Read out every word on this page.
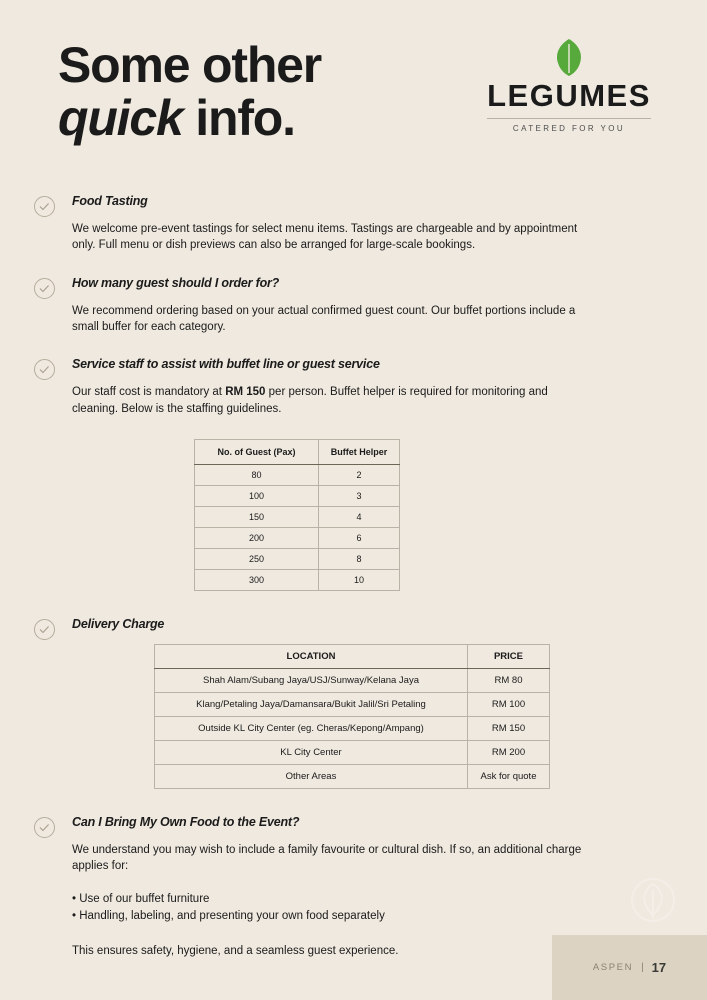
Some other
quick info.	LEGUMES
CATERED FOR YOU

Food Tasting

We welcome pre-event tastings for select menu items. Tastings are chargeable and by appointment only. Full menu or dish previews can also be arranged for large-scale bookings.

How many guest should I order for?

We recommend ordering based on your actual confirmed guest count. Our buffet portions include a small buffer for each category.

Service staff to assist with buffet line or guest service

Our staff cost is mandatory at RM 150 per person. Buffet helper is required for monitoring and cleaning. Below is the staffing guidelines.

No. of Guest (Pax)	Buffet Helper
80	2
100	3
150	4
200	6
250	8
300	10

Delivery Charge

LOCATION	PRICE
Shah Alam/Subang Jaya/USJ/Sunway/Kelana Jaya	RM 80
Klang/Petaling Jaya/Damansara/Bukit Jalil/Sri Petaling	RM 100
Outside KL City Center (eg. Cheras/Kepong/Ampang)	RM 150
KL City Center	RM 200
Other Areas	Ask for quote

Can I Bring My Own Food to the Event?

We understand you may wish to include a family favourite or cultural dish. If so, an additional charge applies for:

• Use of our buffet furniture

• Handling, labeling, and presenting your own food separately

This ensures safety, hygiene, and a seamless guest experience.

ASPEN | 17
